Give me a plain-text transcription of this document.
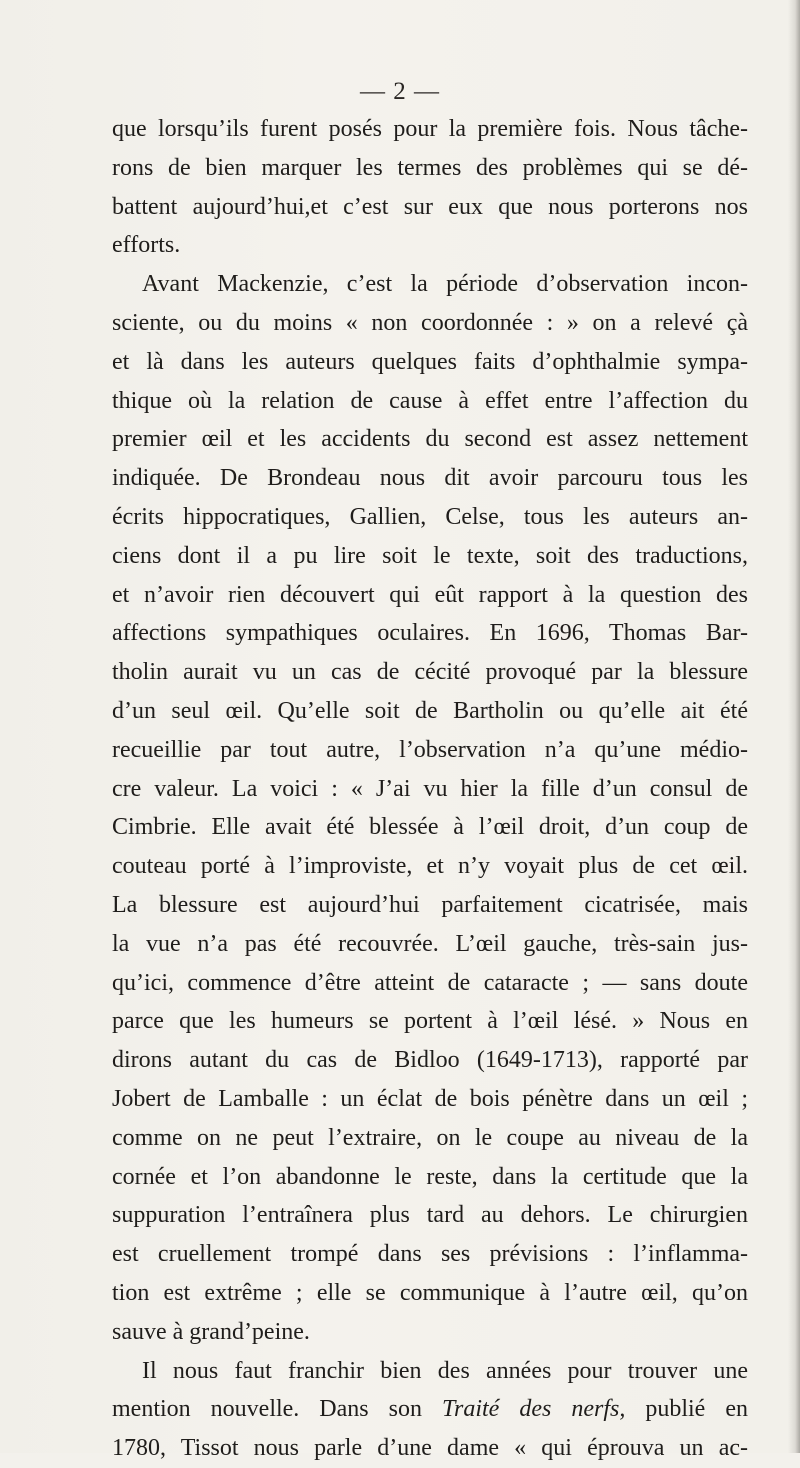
— 2 —
que lorsqu’ils furent posés pour la première fois. Nous tâche-
rons de bien marquer les termes des problèmes qui se dé-
battent aujourd’hui,et c’est sur eux que nous porterons nos
efforts.
Avant Mackenzie, c’est la période d’observation incon-
sciente, ou du moins « non coordonnée : » on a relevé çà
et là dans les auteurs quelques faits d’ophthalmie sympa-
thique où la relation de cause à effet entre l’affection du
premier œil et les accidents du second est assez nettement
indiquée. De Brondeau nous dit avoir parcouru tous les
écrits hippocratiques, Gallien, Celse, tous les auteurs an-
ciens dont il a pu lire soit le texte, soit des traductions,
et n’avoir rien découvert qui eût rapport à la question des
affections sympathiques oculaires. En 1696, Thomas Bar-
tholin aurait vu un cas de cécité provoqué par la blessure
d’un seul œil. Qu’elle soit de Bartholin ou qu’elle ait été
recueillie par tout autre, l’observation n’a qu’une médio-
cre valeur. La voici : « J’ai vu hier la fille d’un consul de
Cimbrie. Elle avait été blessée à l’œil droit, d’un coup de
couteau porté à l’improviste, et n’y voyait plus de cet œil.
La blessure est aujourd’hui parfaitement cicatrisée, mais
la vue n’a pas été recouvrée. L’œil gauche, très-sain jus-
qu’ici, commence d’être atteint de cataracte ; — sans doute
parce que les humeurs se portent à l’œil lésé. » Nous en
dirons autant du cas de Bidloo (1649-1713), rapporté par
Jobert de Lamballe : un éclat de bois pénètre dans un œil ;
comme on ne peut l’extraire, on le coupe au niveau de la
cornée et l’on abandonne le reste, dans la certitude que la
suppuration l’entraînera plus tard au dehors. Le chirurgien
est cruellement trompé dans ses prévisions : l’inflamma-
tion est extrême ; elle se communique à l’autre œil, qu’on
sauve à grand’peine.
Il nous faut franchir bien des années pour trouver une
mention nouvelle. Dans son Traité des nerfs, publié en
1780, Tissot nous parle d’une dame « qui éprouva un ac-
